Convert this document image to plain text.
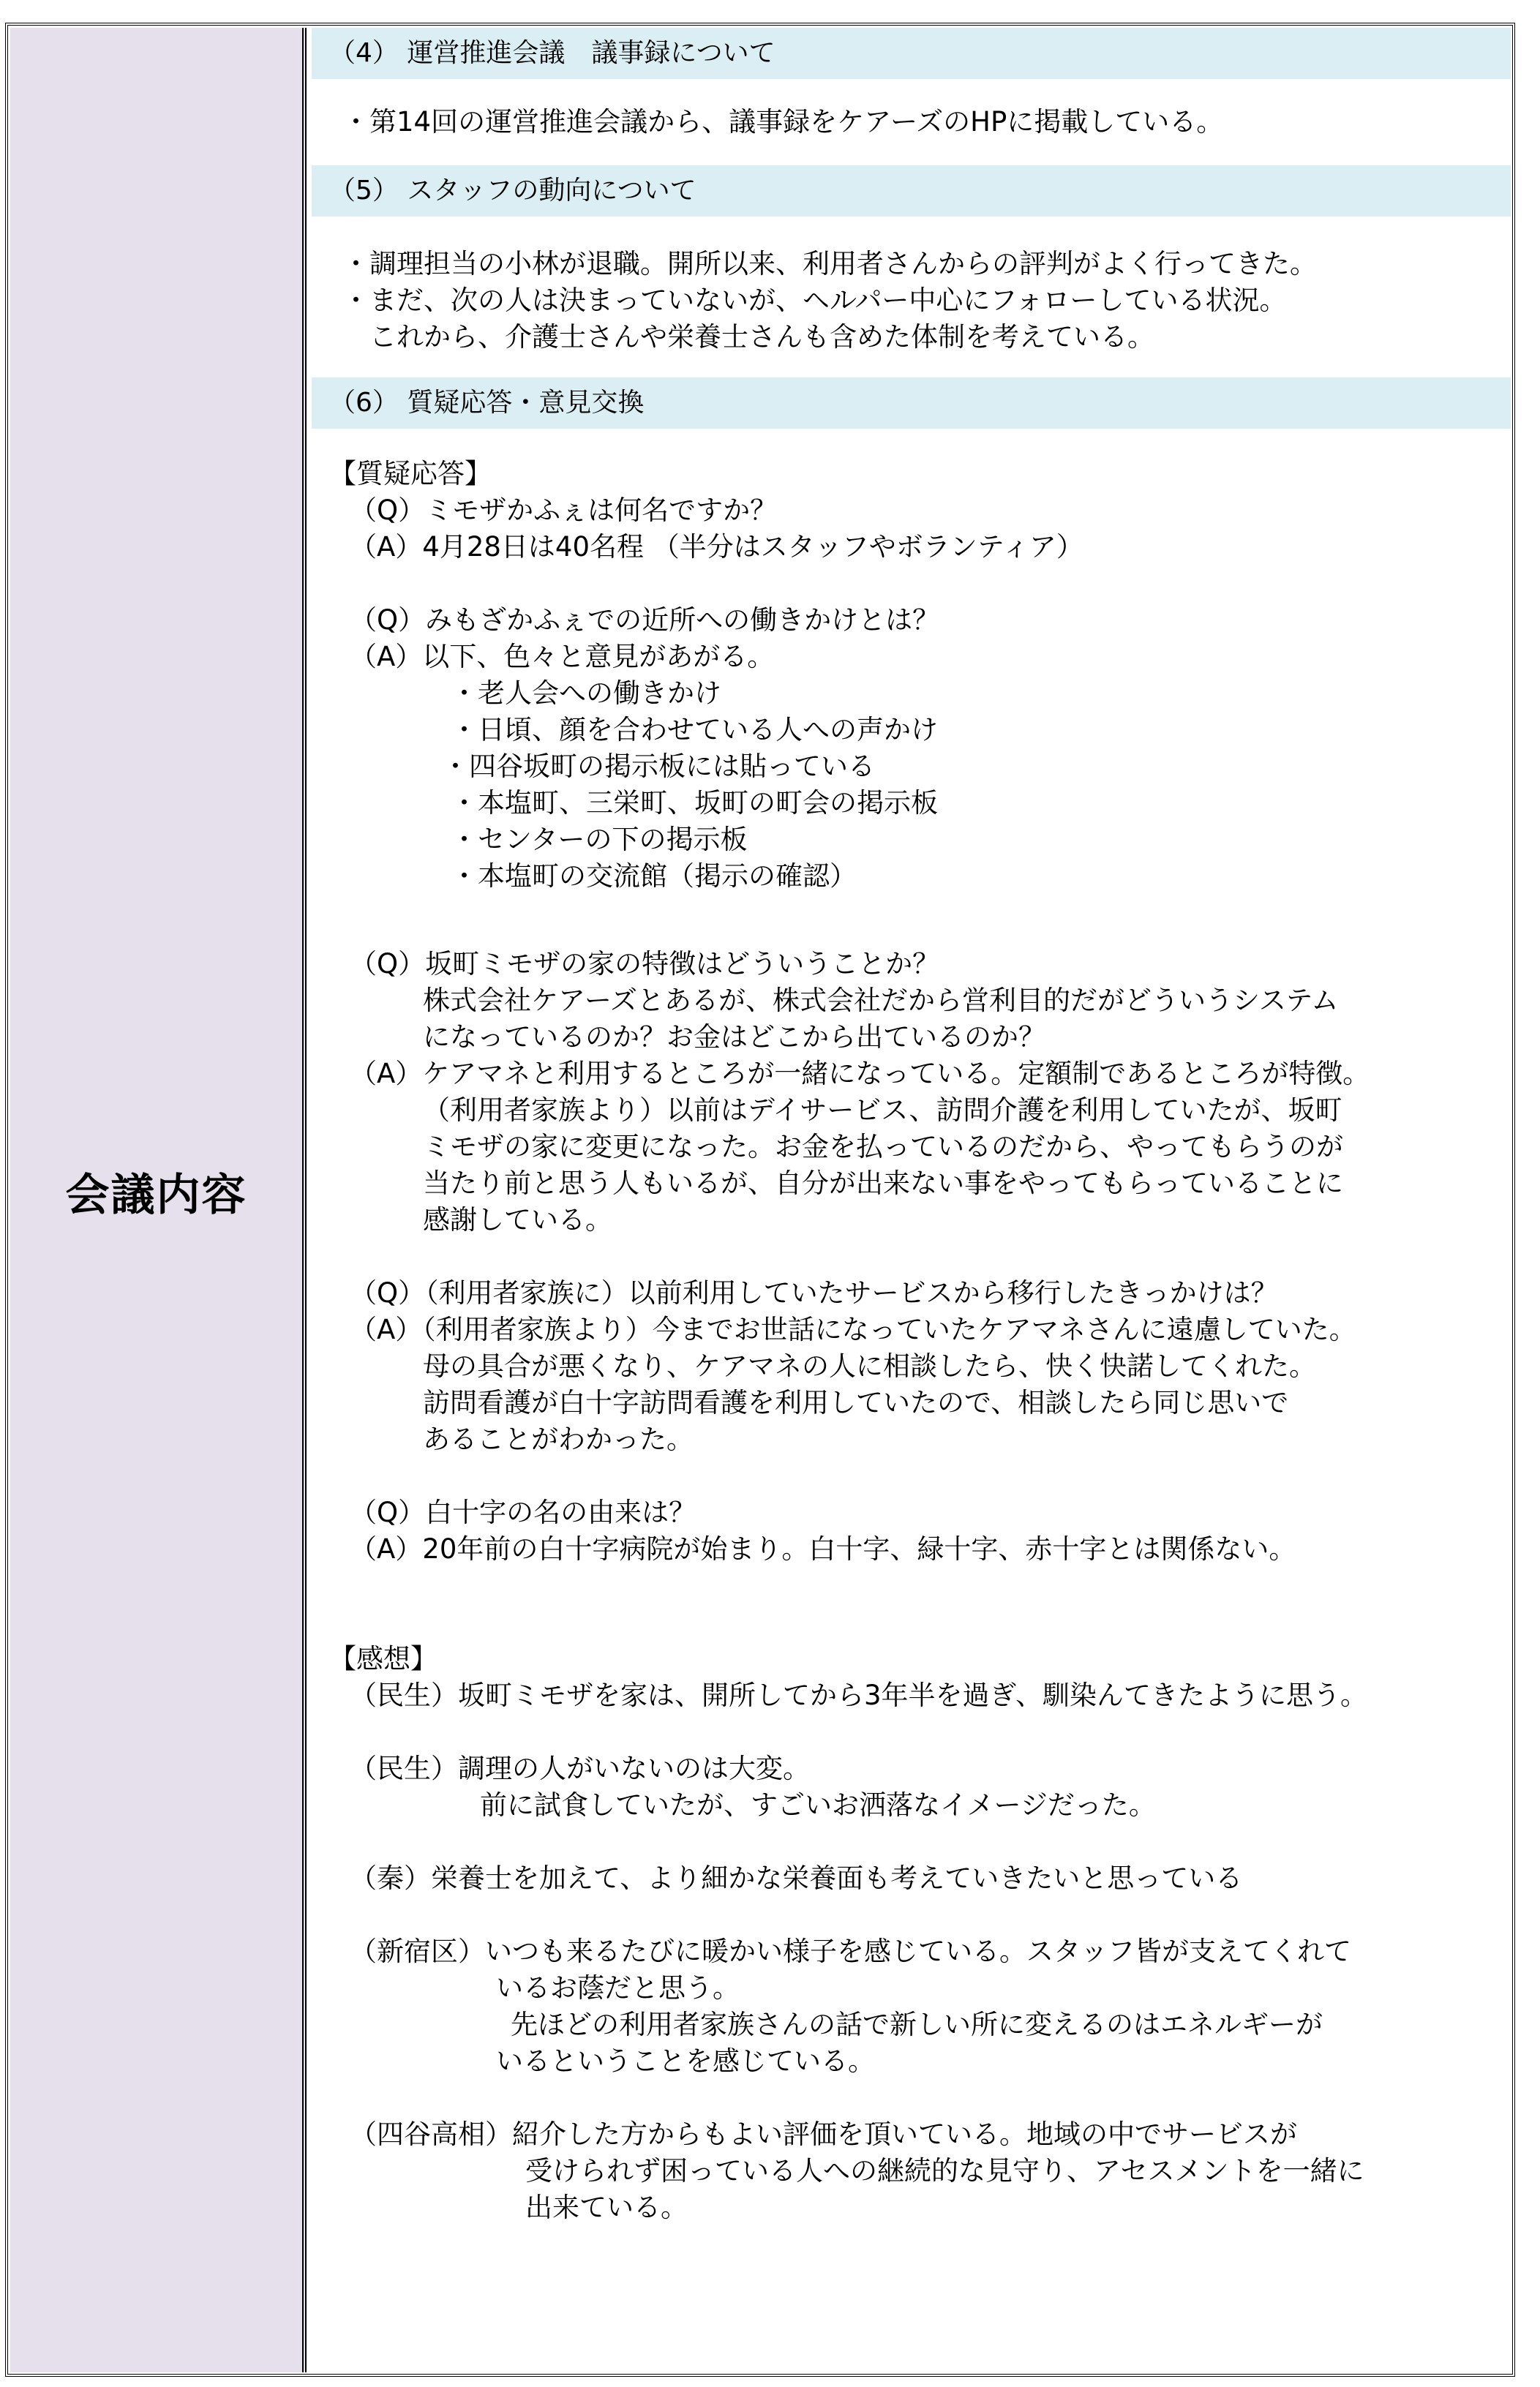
会議内容
（4） 運営推進会議　議事録について
・第14回の運営推進会議から、議事録をケアーズのHPに掲載している。
（5） スタッフの動向について
・調理担当の小林が退職。開所以来、利用者さんからの評判がよく行ってきた。
・まだ、次の人は決まっていないが、ヘルパー中心にフォローしている状況。
　これから、介護士さんや栄養士さんも含めた体制を考えている。
（6） 質疑応答・意見交換
【質疑応答】
（Q）ミモザかふぇは何名ですか？
（A）4月28日は40名程 （半分はスタッフやボランティア）
（Q）みもざかふぇでの近所への働きかけとは？
（A）以下、色々と意見があがる。
・老人会への働きかけ
・日頃、顔を合わせている人への声かけ
・四谷坂町の掲示板には貼っている
・本塩町、三栄町、坂町の町会の掲示板
・センターの下の掲示板
・本塩町の交流館（掲示の確認）
（Q）坂町ミモザの家の特徴はどういうことか？
株式会社ケアーズとあるが、株式会社だから営利目的だがどういうシステム
になっているのか？お金はどこから出ているのか？
（A）ケアマネと利用するところが一緒になっている。定額制であるところが特徴。
（利用者家族より）以前はデイサービス、訪問介護を利用していたが、坂町
ミモザの家に変更になった。お金を払っているのだから、やってもらうのが
当たり前と思う人もいるが、自分が出来ない事をやってもらっていることに
感謝している。
（Q）（利用者家族に）以前利用していたサービスから移行したきっかけは？
（A）（利用者家族より）今までお世話になっていたケアマネさんに遠慮していた。
母の具合が悪くなり、ケアマネの人に相談したら、快く快諾してくれた。
訪問看護が白十字訪問看護を利用していたので、相談したら同じ思いで
あることがわかった。
（Q）白十字の名の由来は？
（A）20年前の白十字病院が始まり。白十字、緑十字、赤十字とは関係ない。
【感想】
（民生）坂町ミモザを家は、開所してから3年半を過ぎ、馴染んてきたように思う。
（民生）調理の人がいないのは大変。
前に試食していたが、すごいお洒落なイメージだった。
（秦）栄養士を加えて、より細かな栄養面も考えていきたいと思っている
（新宿区）いつも来るたびに暖かい様子を感じている。スタッフ皆が支えてくれて
いるお蔭だと思う。
先ほどの利用者家族さんの話で新しい所に変えるのはエネルギーが
いるということを感じている。
（四谷高相）紹介した方からもよい評価を頂いている。地域の中でサービスが
受けられず困っている人への継続的な見守り、アセスメントを一緒に
出来ている。
